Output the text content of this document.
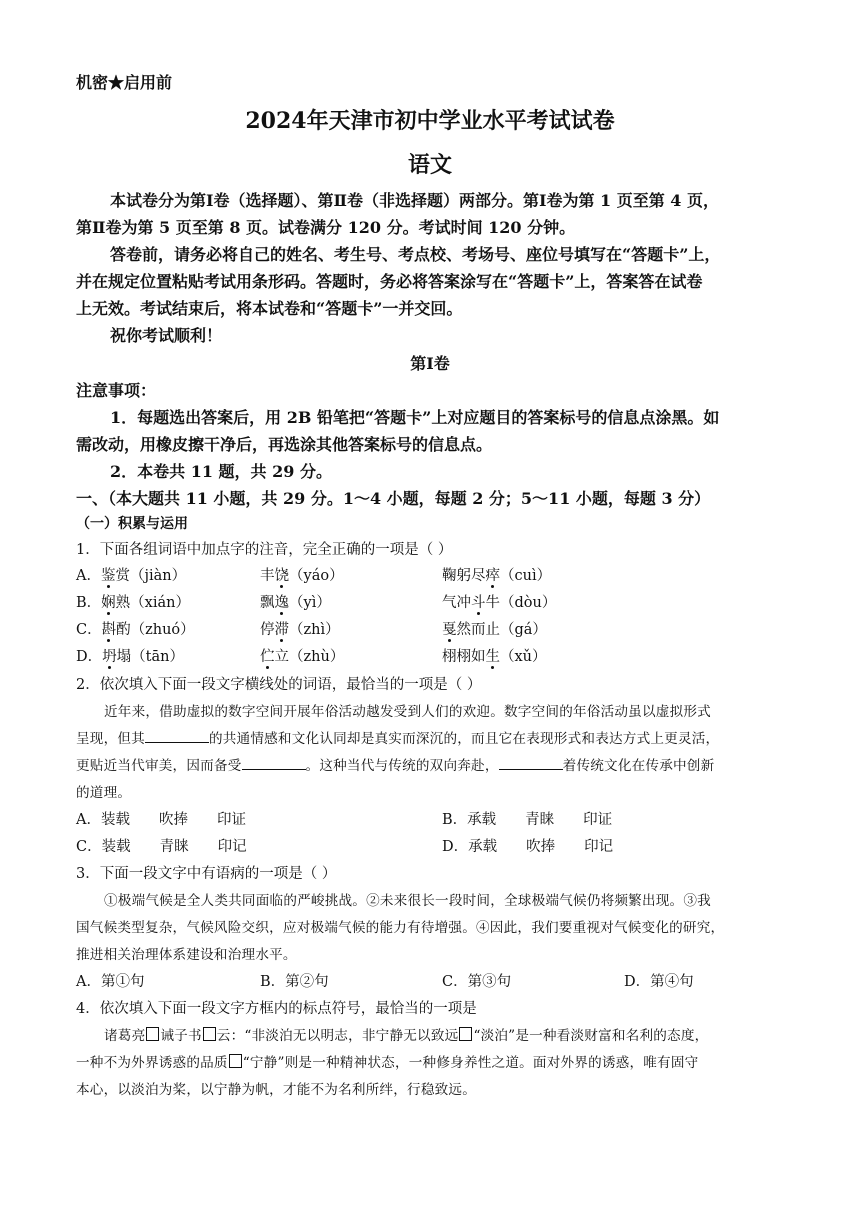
机密★启用前
2024年天津市初中学业水平考试试卷
语文
本试卷分为第Ⅰ卷（选择题）、第Ⅱ卷（非选择题）两部分。第Ⅰ卷为第 1 页至第 4 页，
第Ⅱ卷为第 5 页至第 8 页。试卷满分 120 分。考试时间 120 分钟。
答卷前，请务必将自己的姓名、考生号、考点校、考场号、座位号填写在“答题卡”上，
并在规定位置粘贴考试用条形码。答题时，务必将答案涂写在“答题卡”上，答案答在试卷
上无效。考试结束后，将本试卷和“答题卡”一并交回。
祝你考试顺利！
第Ⅰ卷
注意事项：
1．每题选出答案后，用 2B 铅笔把“答题卡”上对应题目的答案标号的信息点涂黑。如
需改动，用橡皮擦干净后，再选涂其他答案标号的信息点。
2．本卷共 11 题，共 29 分。
一、（本大题共 11 小题，共 29 分。1～4 小题，每题 2 分；5～11 小题，每题 3 分）
（一）积累与运用
1．下面各组词语中加点字的注音，完全正确的一项是（ ）
A．鉴赏（jiàn）	丰饶（yáo）	鞠躬尽瘁（cuì）
B．娴熟（xián）	飘逸（yì）	气冲斗牛（dòu）
C．斟酌（zhuó）	停滞（zhì）	戛然而止（gá）
D．坍塌（tān）	伫立（zhù）	栩栩如生（xǔ）
2．依次填入下面一段文字横线处的词语，最恰当的一项是（ ）
近年来，借助虚拟的数字空间开展年俗活动越发受到人们的欢迎。数字空间的年俗活动虽以虚拟形式
呈现，但其	的共通情感和文化认同却是真实而深沉的，而且它在表现形式和表达方式上更灵活，
更贴近当代审美，因而备受	。这种当代与传统的双向奔赴，	着传统文化在传承中创新
的道理。
A．装载　　吹捧　　印证	B．承载　　青睐　　印证
C．装载　　青睐　　印记	D．承载　　吹捧　　印记
3．下面一段文字中有语病的一项是（ ）
①极端气候是全人类共同面临的严峻挑战。②未来很长一段时间，全球极端气候仍将频繁出现。③我
国气候类型复杂，气候风险交织，应对极端气候的能力有待增强。④因此，我们要重视对气候变化的研究，
推进相关治理体系建设和治理水平。
A．第①句	B．第②句	C．第③句	D．第④句
4．依次填入下面一段文字方框内的标点符号，最恰当的一项是
诸葛亮 诫子书 云：“非淡泊无以明志，非宁静无以致远 “淡泊”是一种看淡财富和名利的态度，
一种不为外界诱惑的品质 “宁静”则是一种精神状态，一种修身养性之道。面对外界的诱惑，唯有固守
本心，以淡泊为桨，以宁静为帆，才能不为名利所绊，行稳致远。
